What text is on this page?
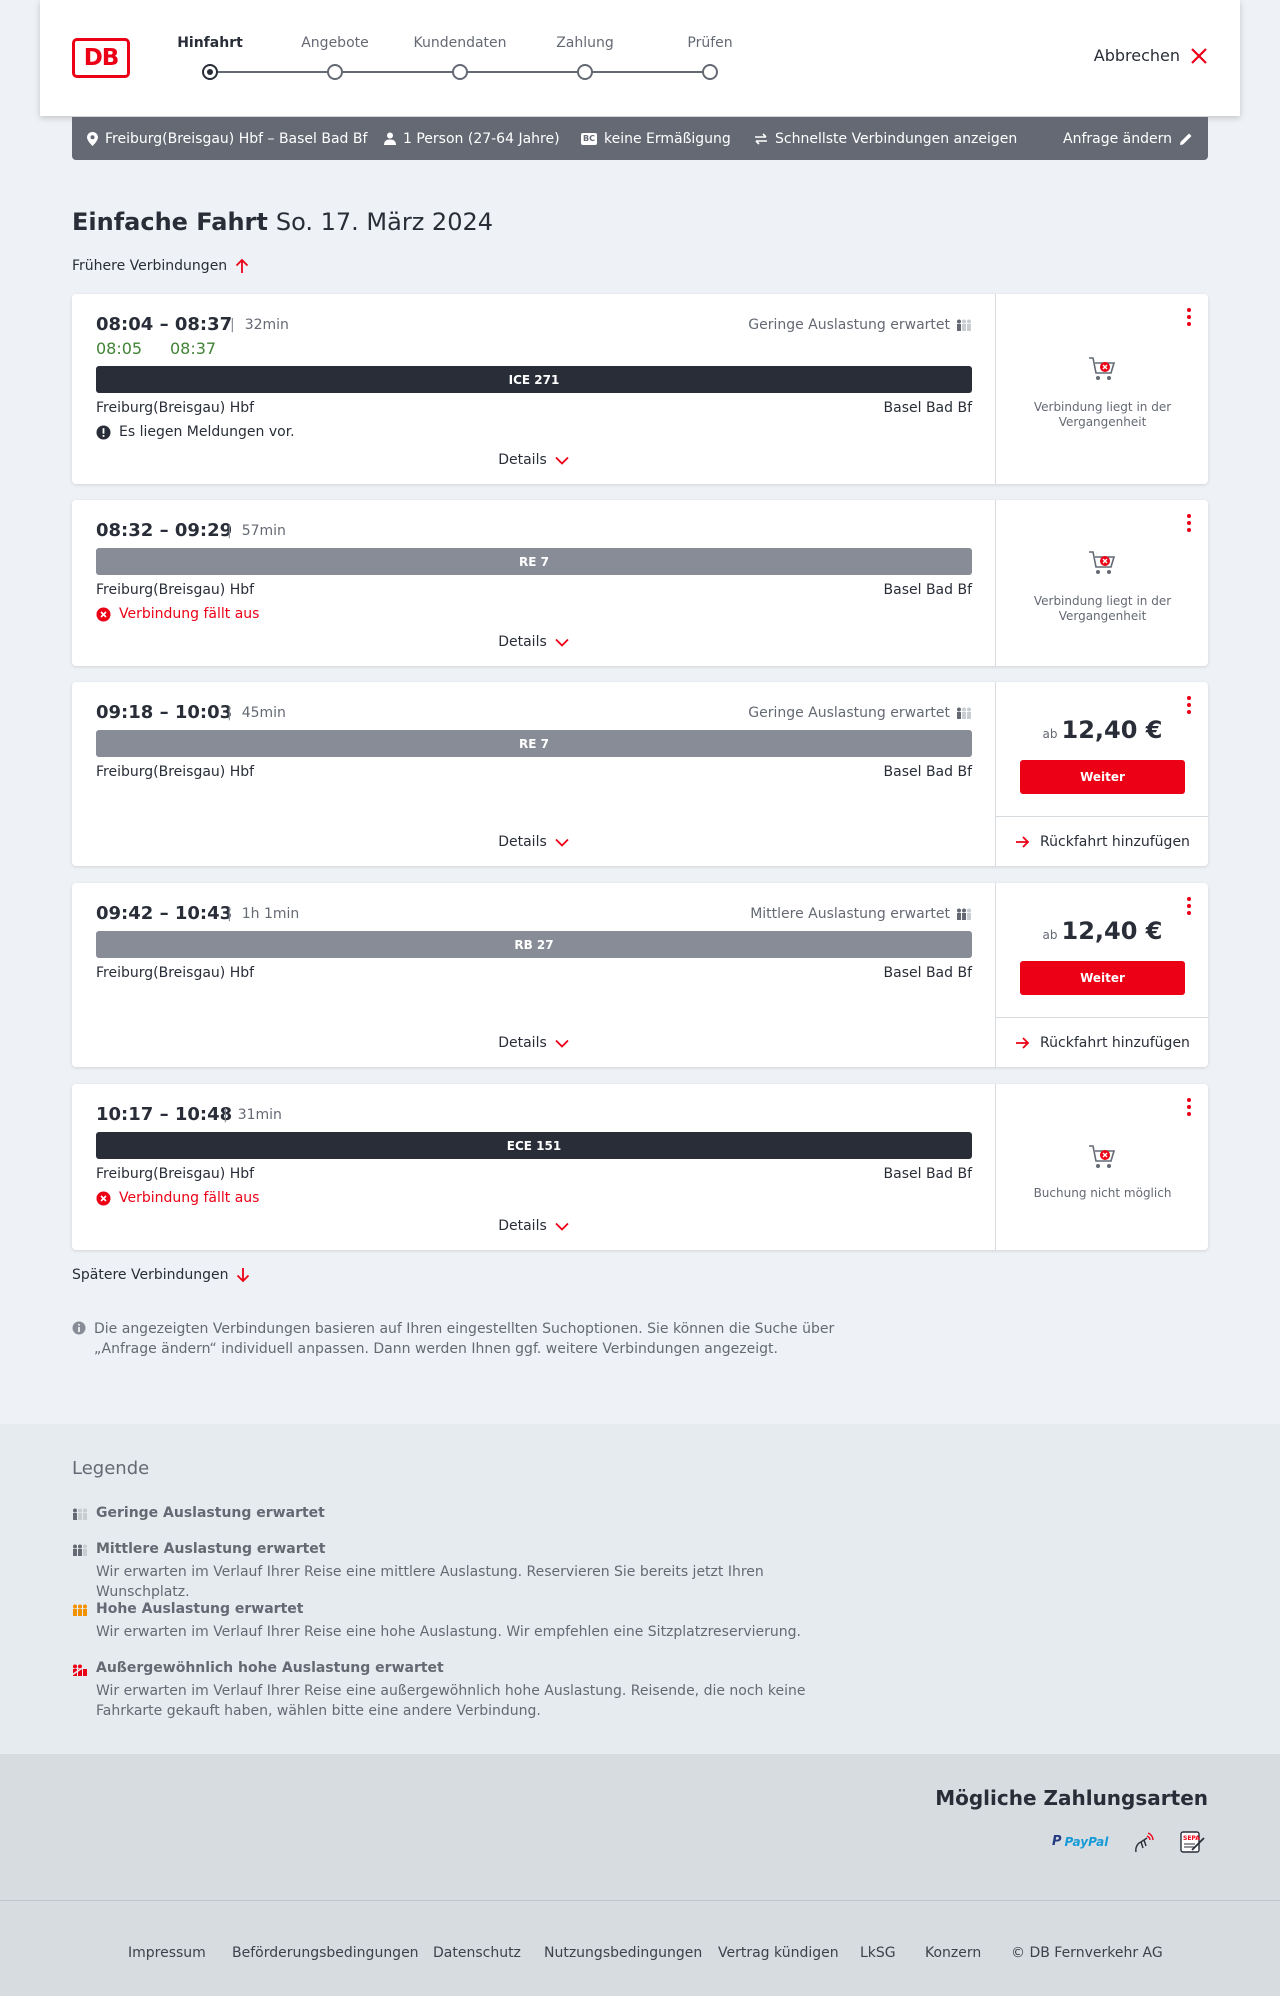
DB
Hinfahrt	Angebote	Kundendaten	Zahlung	Prüfen
Abbrechen
Freiburg(Breisgau) Hbf – Basel Bad Bf	1 Person (27-64 Jahre)	BC keine Ermäßigung	Schnellste Verbindungen anzeigen	Anfrage ändern
Einfache Fahrt So. 17. März 2024
Frühere Verbindungen
08:04 – 08:37 | 32min	Geringe Auslastung erwartet
08:05 08:37
ICE 271
Freiburg(Breisgau) Hbf	Basel Bad Bf
Es liegen Meldungen vor.
Details
Verbindung liegt in der Vergangenheit
08:32 – 09:29 | 57min
RE 7
Freiburg(Breisgau) Hbf	Basel Bad Bf
Verbindung fällt aus
Details
Verbindung liegt in der Vergangenheit
09:18 – 10:03 | 45min	Geringe Auslastung erwartet
RE 7
Freiburg(Breisgau) Hbf	Basel Bad Bf
Details
ab 12,40 €
Weiter
Rückfahrt hinzufügen
09:42 – 10:43 | 1h 1min	Mittlere Auslastung erwartet
RB 27
Freiburg(Breisgau) Hbf	Basel Bad Bf
Details
ab 12,40 €
Weiter
Rückfahrt hinzufügen
10:17 – 10:48 | 31min
ECE 151
Freiburg(Breisgau) Hbf	Basel Bad Bf
Verbindung fällt aus
Details
Buchung nicht möglich
Spätere Verbindungen
Die angezeigten Verbindungen basieren auf Ihren eingestellten Suchoptionen. Sie können die Suche über „Anfrage ändern“ individuell anpassen. Dann werden Ihnen ggf. weitere Verbindungen angezeigt.
Legende
Geringe Auslastung erwartet
Mittlere Auslastung erwartet
Wir erwarten im Verlauf Ihrer Reise eine mittlere Auslastung. Reservieren Sie bereits jetzt Ihren Wunschplatz.
Hohe Auslastung erwartet
Wir erwarten im Verlauf Ihrer Reise eine hohe Auslastung. Wir empfehlen eine Sitzplatzreservierung.
Außergewöhnlich hohe Auslastung erwartet
Wir erwarten im Verlauf Ihrer Reise eine außergewöhnlich hohe Auslastung. Reisende, die noch keine Fahrkarte gekauft haben, wählen bitte eine andere Verbindung.
Mögliche Zahlungsarten
P PayPal	SEPA
Impressum Beförderungsbedingungen Datenschutz Nutzungsbedingungen Vertrag kündigen LkSG Konzern © DB Fernverkehr AG
